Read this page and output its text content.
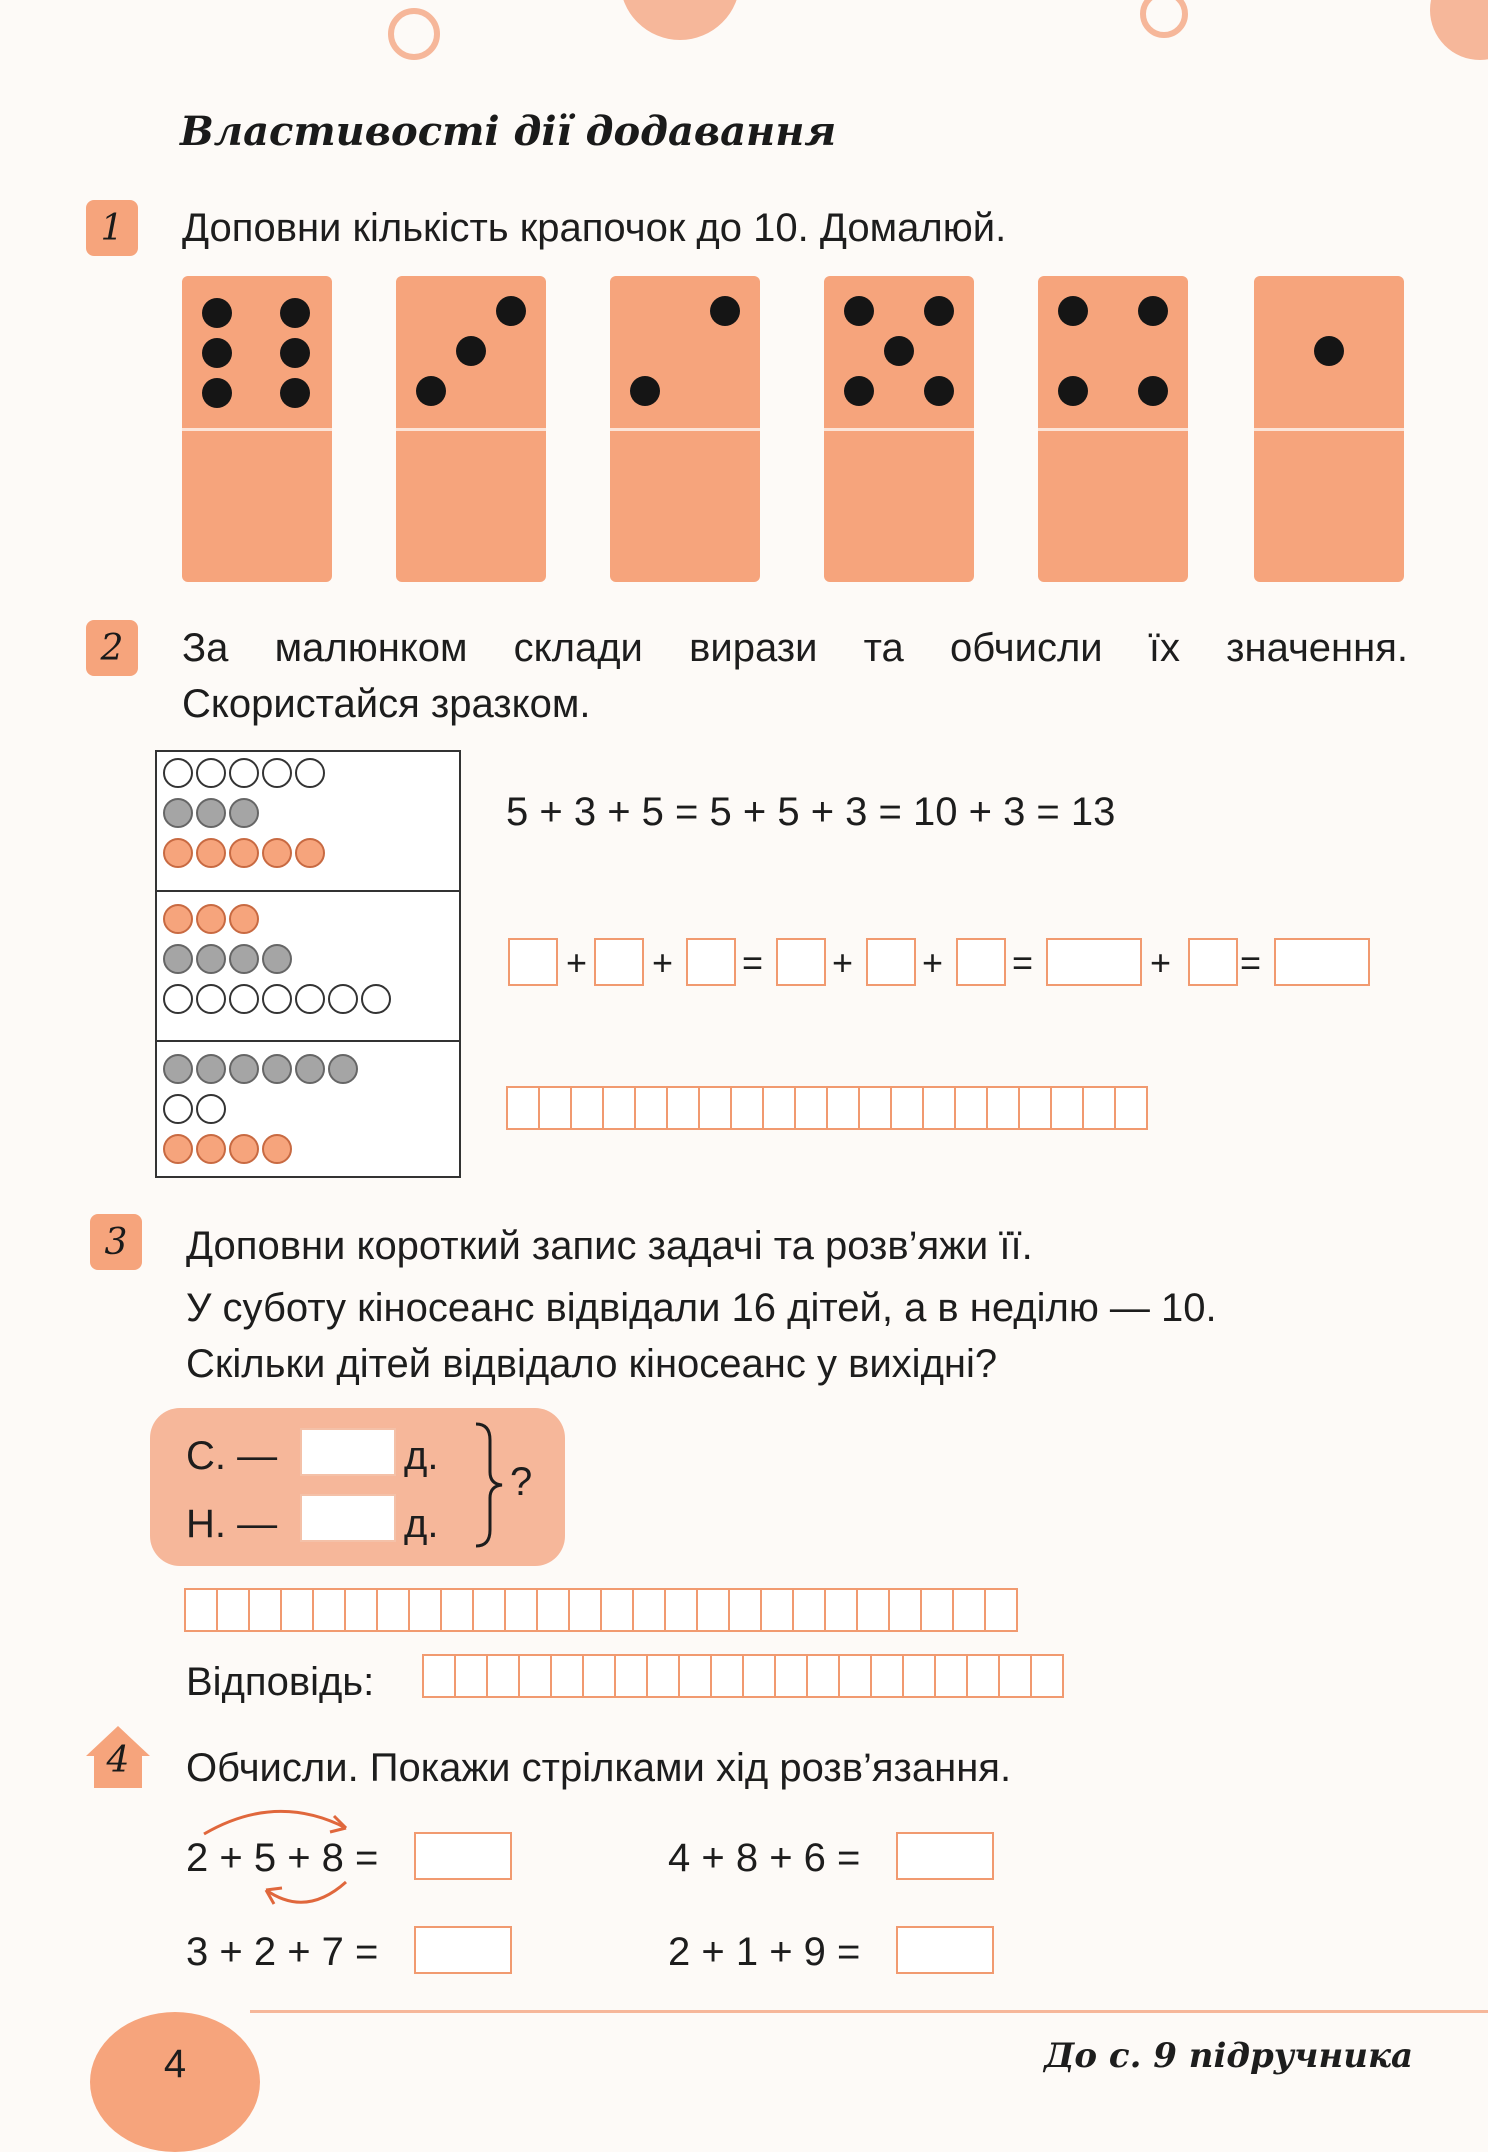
Властивості дії додавання
1	Доповни кількість крапочок до 10. Домалюй.
2	За малюнком склади вирази та обчисли їх значення.
Скористайся зразком.
5 + 3 + 5 = 5 + 5 + 3 = 10 + 3 = 13
+ + = + + =	+ =
3	Доповни короткий запис задачі та розв’яжи її.
У суботу кіносеанс відвідали 16 дітей, а в неділю — 10.
Скільки дітей відвідало кіносеанс у вихідні?
С. —	д.
Н. —	д.
?
Відповідь:
4	Обчисли. Покажи стрілками хід розв’язання.
2 + 5 + 8 =	4 + 8 + 6 =
3 + 2 + 7 =	2 + 1 + 9 =
4	До с. 9 підручника
